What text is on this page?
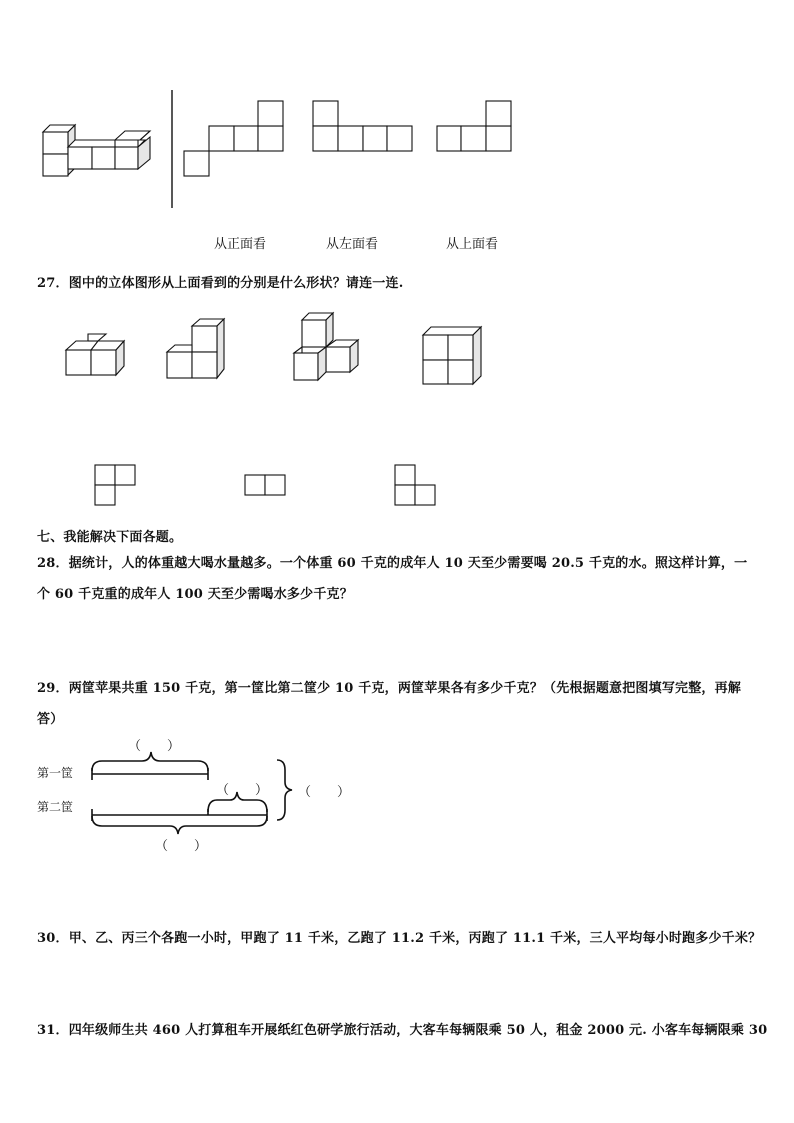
从正面看	从左面看	从上面看
27．图中的立体图形从上面看到的分别是什么形状？请连一连.
七、我能解决下面各题。
28．据统计，人的体重越大喝水量越多。一个体重 60 千克的成年人 10 天至少需要喝 20.5 千克的水。照这样计算，一
个 60 千克重的成年人 100 天至少需喝水多少千克？
29．两筐苹果共重 150 千克，第一筐比第二筐少 10 千克，两筐苹果各有多少千克？（先根据题意把图填写完整，再解
答）
（　　）
第一筐
（　　） （　　）
第二筐
（　　）
30．甲、乙、丙三个各跑一小时，甲跑了 11 千米，乙跑了 11.2 千米，丙跑了 11.1 千米，三人平均每小时跑多少千米？
31．四年级师生共 460 人打算租车开展纸红色研学旅行活动，大客车每辆限乘 50 人，租金 2000 元. 小客车每辆限乘 30
